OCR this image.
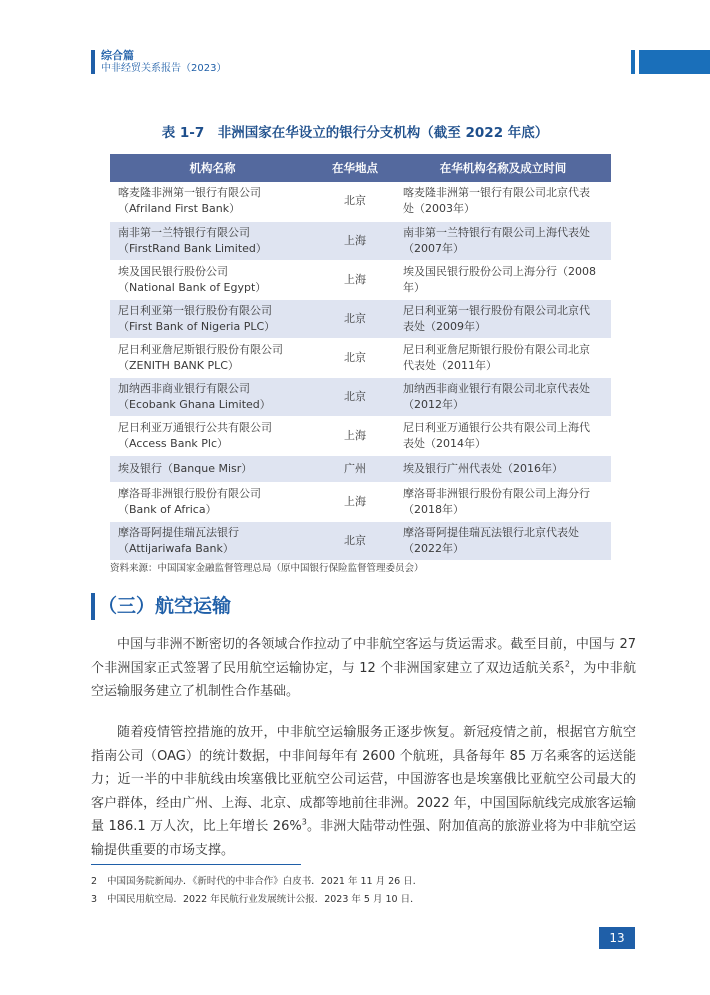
综合篇
中非经贸关系报告（2023）
表 1-7　非洲国家在华设立的银行分支机构（截至 2022 年底）
机构名称	在华地点	在华机构名称及成立时间

喀麦隆非洲第一银行有限公司
（Afriland First Bank）	北京	喀麦隆非洲第一银行有限公司北京代表
处（2003年）

南非第一兰特银行有限公司
（FirstRand Bank Limited）	上海	南非第一兰特银行有限公司上海代表处
（2007年）

埃及国民银行股份公司
（National Bank of Egypt）	上海	埃及国民银行股份公司上海分行（2008
年）

尼日利亚第一银行股份有限公司
（First Bank of Nigeria PLC）	北京	尼日利亚第一银行股份有限公司北京代
表处（2009年）

尼日利亚詹尼斯银行股份有限公司
（ZENITH BANK PLC）	北京	尼日利亚詹尼斯银行股份有限公司北京
代表处（2011年）

加纳西非商业银行有限公司
（Ecobank Ghana Limited）	北京	加纳西非商业银行有限公司北京代表处
（2012年）

尼日利亚万通银行公共有限公司
（Access Bank Plc）	上海	尼日利亚万通银行公共有限公司上海代
表处（2014年）

埃及银行（Banque Misr）	广州	埃及银行广州代表处（2016年）

摩洛哥非洲银行股份有限公司
（Bank of Africa）	上海	摩洛哥非洲银行股份有限公司上海分行
（2018年）

摩洛哥阿提佳瑞瓦法银行
（Attijariwafa Bank）	北京	摩洛哥阿提佳瑞瓦法银行北京代表处
（2022年）
资料来源：中国国家金融监督管理总局（原中国银行保险监督管理委员会）
（三）航空运输

中国与非洲不断密切的各领域合作拉动了中非航空客运与货运需求。截至目前，中国与 27 个非洲国家正式签署了民用航空运输协定，与 12 个非洲国家建立了双边适航关系$^2$，为中非航空运输服务建立了机制性合作基础。

随着疫情管控措施的放开，中非航空运输服务正逐步恢复。新冠疫情之前，根据官方航空指南公司（OAG）的统计数据，中非间每年有 2600 个航班，具备每年 85 万名乘客的运送能力；近一半的中非航线由埃塞俄比亚航空公司运营，中国游客也是埃塞俄比亚航空公司最大的客户群体，经由广州、上海、北京、成都等地前往非洲。2022 年，中国国际航线完成旅客运输量 186.1 万人次，比上年增长 26%$^3$。非洲大陆带动性强、附加值高的旅游业将为中非航空运输提供重要的市场支撑。

2 中国国务院新闻办．《新时代的中非合作》白皮书．2021 年 11 月 26 日．
3 中国民用航空局．2022 年民航行业发展统计公报．2023 年 5 月 10 日．
13
